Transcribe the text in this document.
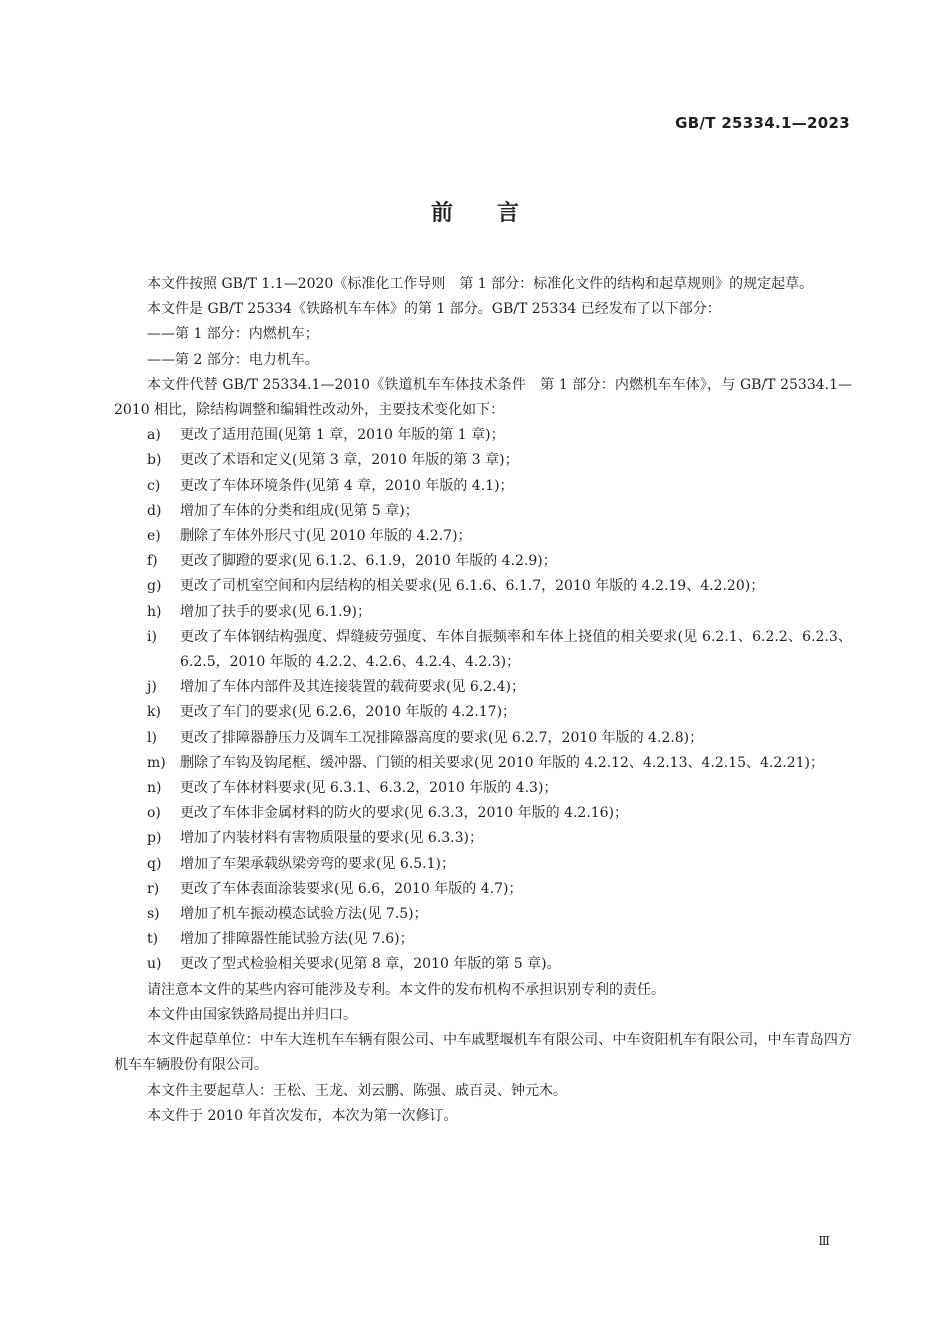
GB/T 25334.1—2023
前言
本文件按照 GB/T 1.1—2020《标准化工作导则　第 1 部分：标准化文件的结构和起草规则》的规定起草。
本文件是 GB/T 25334《铁路机车车体》的第 1 部分。GB/T 25334 已经发布了以下部分：
——第 1 部分：内燃机车；
——第 2 部分：电力机车。
本文件代替 GB/T 25334.1—2010《铁道机车车体技术条件　第 1 部分：内燃机车车体》，与 GB/T 25334.1—2010 相比，除结构调整和编辑性改动外，主要技术变化如下：
a)	更改了适用范围(见第 1 章，2010 年版的第 1 章)；
b)	更改了术语和定义(见第 3 章，2010 年版的第 3 章)；
c)	更改了车体环境条件(见第 4 章，2010 年版的 4.1)；
d)	增加了车体的分类和组成(见第 5 章)；
e)	删除了车体外形尺寸(见 2010 年版的 4.2.7)；
f)	更改了脚蹬的要求(见 6.1.2、6.1.9，2010 年版的 4.2.9)；
g)	更改了司机室空间和内层结构的相关要求(见 6.1.6、6.1.7，2010 年版的 4.2.19、4.2.20)；
h)	增加了扶手的要求(见 6.1.9)；
i)	更改了车体钢结构强度、焊缝疲劳强度、车体自振频率和车体上挠值的相关要求(见 6.2.1、6.2.2、6.2.3、6.2.5，2010 年版的 4.2.2、4.2.6、4.2.4、4.2.3)；
j)	增加了车体内部件及其连接装置的载荷要求(见 6.2.4)；
k)	更改了车门的要求(见 6.2.6，2010 年版的 4.2.17)；
l)	更改了排障器静压力及调车工况排障器高度的要求(见 6.2.7，2010 年版的 4.2.8)；
m)	删除了车钩及钩尾框、缓冲器、门锁的相关要求(见 2010 年版的 4.2.12、4.2.13、4.2.15、4.2.21)；
n)	更改了车体材料要求(见 6.3.1、6.3.2，2010 年版的 4.3)；
o)	更改了车体非金属材料的防火的要求(见 6.3.3，2010 年版的 4.2.16)；
p)	增加了内装材料有害物质限量的要求(见 6.3.3)；
q)	增加了车架承载纵梁旁弯的要求(见 6.5.1)；
r)	更改了车体表面涂装要求(见 6.6，2010 年版的 4.7)；
s)	增加了机车振动模态试验方法(见 7.5)；
t)	增加了排障器性能试验方法(见 7.6)；
u)	更改了型式检验相关要求(见第 8 章，2010 年版的第 5 章)。
请注意本文件的某些内容可能涉及专利。本文件的发布机构不承担识别专利的责任。
本文件由国家铁路局提出并归口。
本文件起草单位：中车大连机车车辆有限公司、中车戚墅堰机车有限公司、中车资阳机车有限公司，中车青岛四方机车车辆股份有限公司。
本文件主要起草人：王松、王龙、刘云鹏、陈强、戚百灵、钟元木。
本文件于 2010 年首次发布，本次为第一次修订。
Ⅲ
